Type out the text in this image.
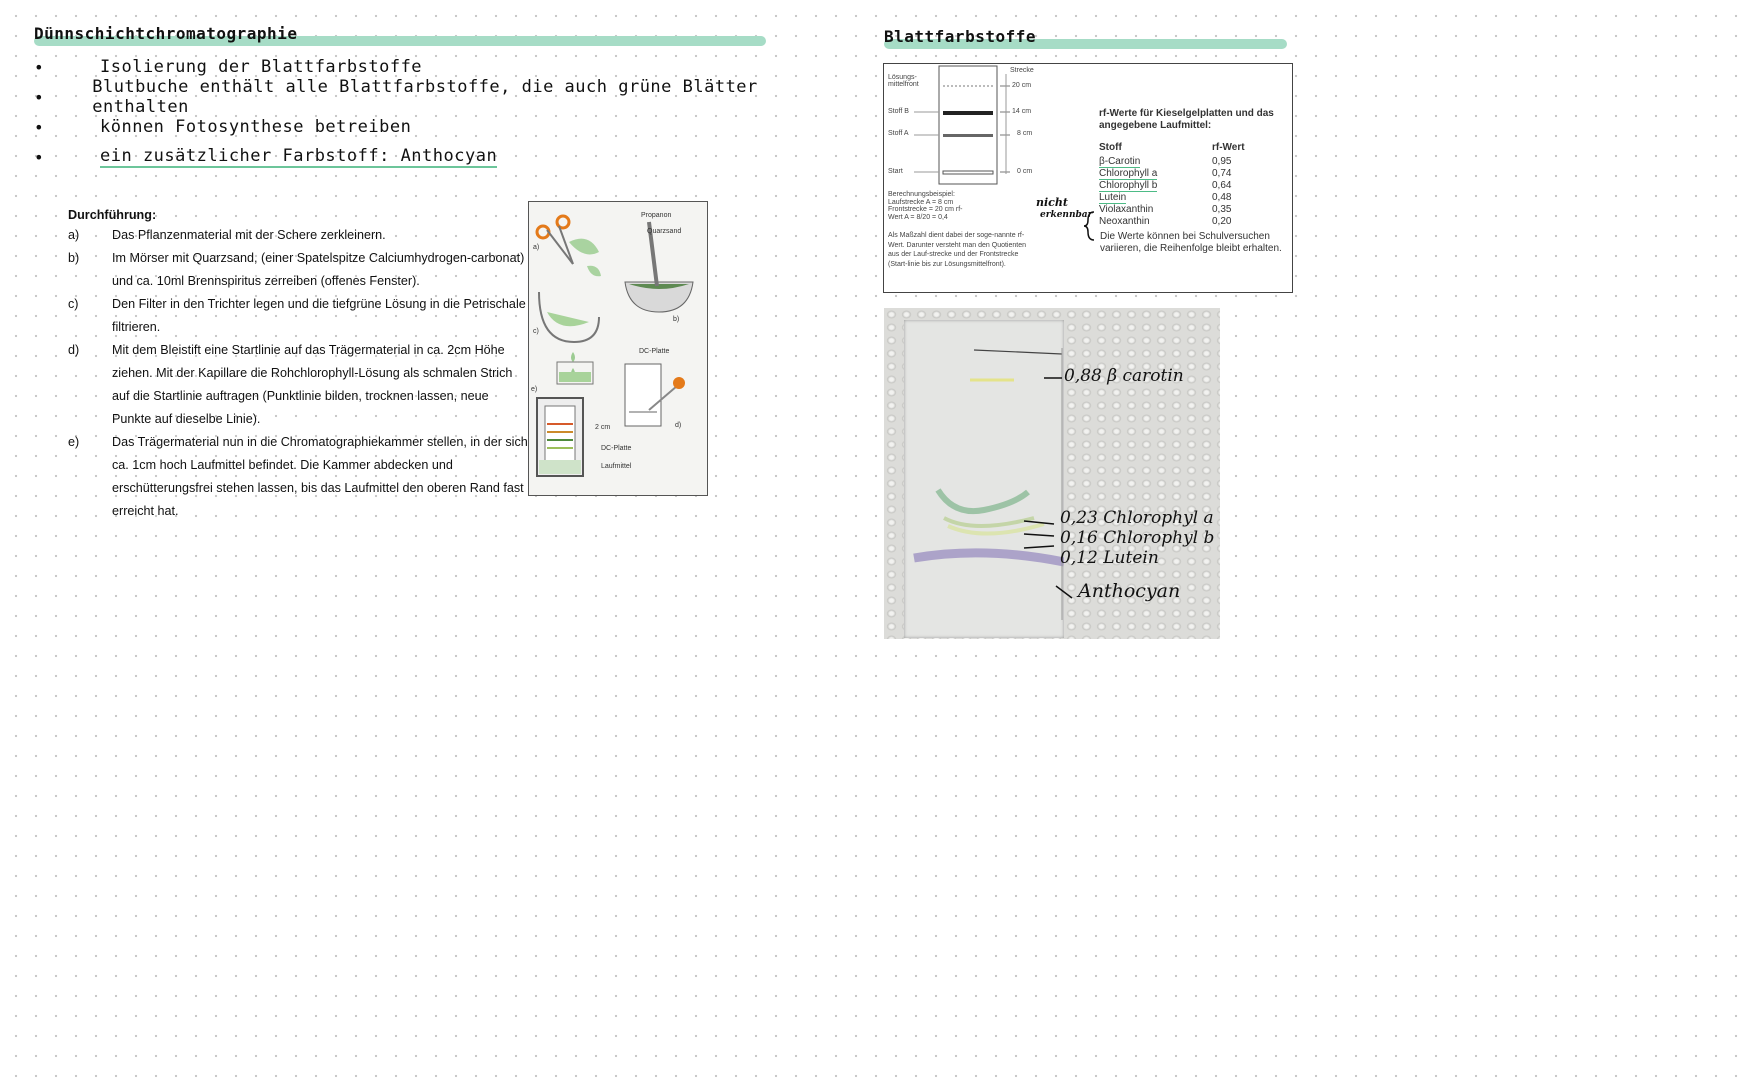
Dünnschichtchromatographie
•	Isolierung der Blattfarbstoffe
•	Blutbuche enthält alle Blattfarbstoffe, die auch grüne Blätter enthalten
•	können Fotosynthese betreiben
•	ein zusätzlicher Farbstoff: Anthocyan
Durchführung:
a)	Das Pflanzenmaterial mit der Schere zerkleinern.
b)	Im Mörser mit Quarzsand, (einer Spatelspitze Calciumhydrogen-carbonat) und ca. 10ml Brennspiritus zerreiben (offenes Fenster).
c)	Den Filter in den Trichter legen und die tiefgrüne Lösung in die Petrischale filtrieren.
d)	Mit dem Bleistift eine Startlinie auf das Trägermaterial in ca. 2cm Höhe ziehen. Mit der Kapillare die Rohchlorophyll-Lösung als schmalen Strich auf die Startlinie auftragen (Punktlinie bilden, trocknen lassen, neue Punkte auf dieselbe Linie).
e)	Das Trägermaterial nun in die Chromatographiekammer stellen, in der sich ca. 1cm hoch Laufmittel befindet. Die Kammer abdecken und erschütterungsfrei stehen lassen, bis das Laufmittel den oberen Rand fast erreicht hat.
Propanon
Quarzsand
DC-Platte
2 cm
DC-Platte
Laufmittel
a)
b)
c)
d)
e)
Blattfarbstoffe
Strecke
Lösungs-mittelfront
Stoff B
Stoff A
Start
20 cm
14 cm
8 cm
0 cm
Berechnungsbeispiel: Laufstrecke A = 8 cm Frontstrecke = 20 cm rf-Wert A = 8/20 = 0,4
Als Maßzahl dient dabei der soge-nannte rf-Wert. Darunter versteht man den Quotienten aus der Lauf-strecke und der Frontstrecke (Start-linie bis zur Lösungsmittelfront).
rf-Werte für Kieselgelplatten und das angegebene Laufmittel:
Stoff	rf-Wert
β-Carotin	0,95
Chlorophyll a	0,74
Chlorophyll b	0,64
Lutein	0,48
Violaxanthin	0,35
Neoxanthin	0,20
Die Werte können bei Schulversuchen variieren, die Reihenfolge bleibt erhalten.
nicht
erkennbar
0,88 β carotin
0,23 Chlorophyl a
0,16 Chlorophyl b
0,12 Lutein
Anthocyan
